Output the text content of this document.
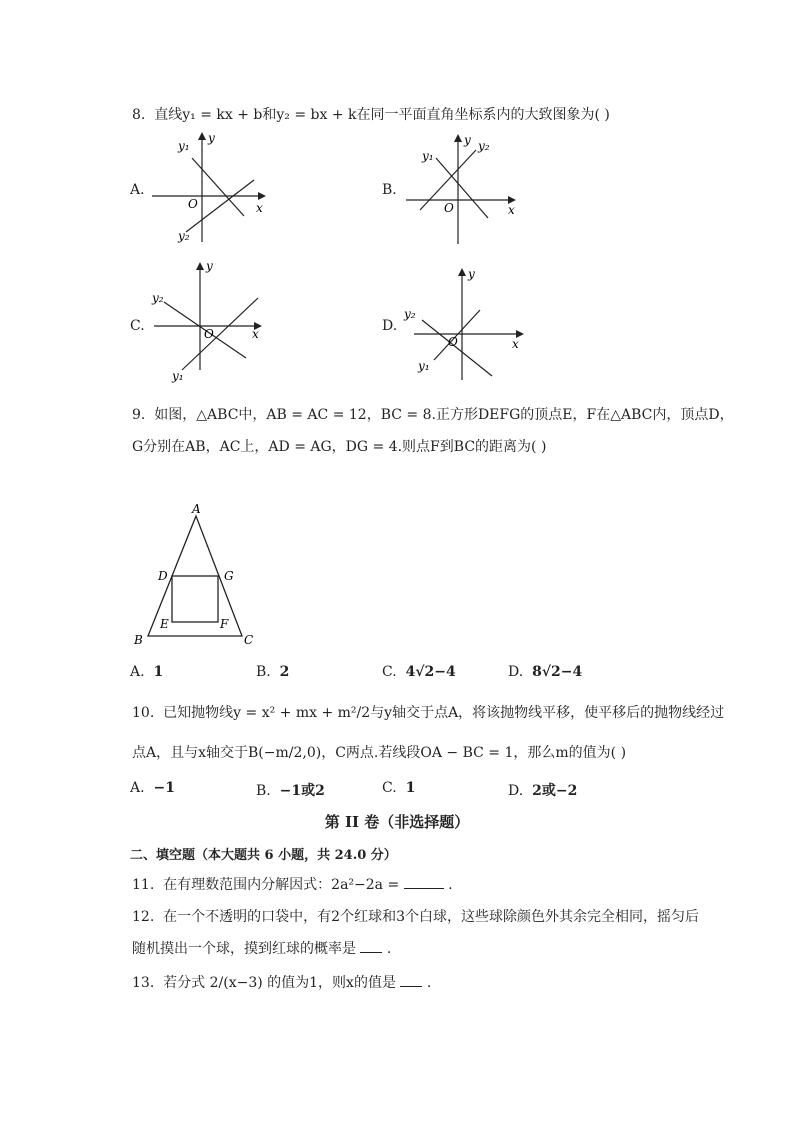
8. 直线y₁ = kx + b和y₂ = bx + k在同一平面直角坐标系内的大致图象为( )
A.
x
y
O
y₁
y₂
B.
x
y
O
y₁
y₂
C.	x
y
O
y₂
y₁
D.
x
y
O
y₂
y₁
9. 如图，△ABC中，AB = AC = 12，BC = 8.正方形DEFG的顶点E，F在△ABC内，顶点D，
G分别在AB，AC上，AD = AG，DG = 4.则点F到BC的距离为( )
A
B	C
D	G
E	F
A. 1	B. 2	C. 4√2−4	D. 8√2−4
10. 已知抛物线y = x² + mx + m²/2与y轴交于点A，将该抛物线平移，使平移后的抛物线经过
点A，且与x轴交于B(−m/2,0)，C两点.若线段OA − BC = 1，那么m的值为( )
A. −1	B. −1或2	C. 1	D. 2或−2
第 II 卷（非选择题）
二、填空题（本大题共 6 小题，共 24.0 分）
11. 在有理数范围内分解因式：2a²−2a =	.
12. 在一个不透明的口袋中，有2个红球和3个白球，这些球除颜色外其余完全相同，摇匀后
随机摸出一个球，摸到红球的概率是 .
13. 若分式 2/(x−3) 的值为1，则x的值是 .
